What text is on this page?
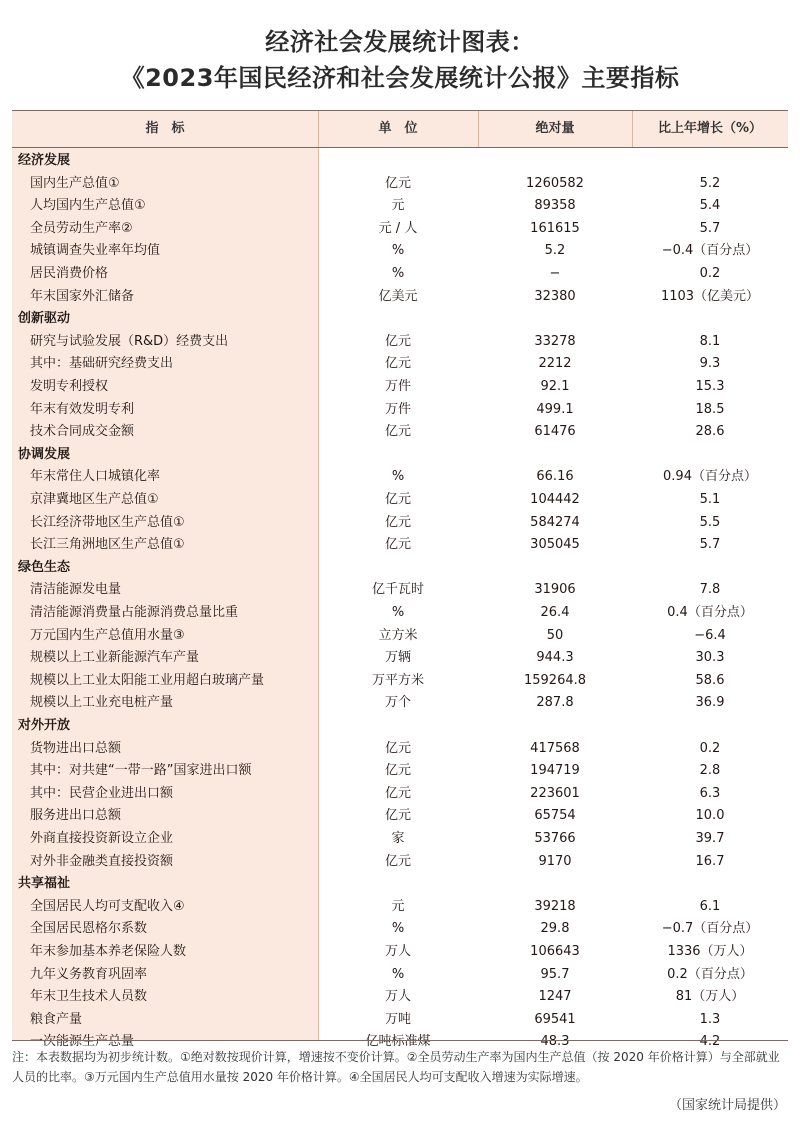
经济社会发展统计图表：
《2023年国民经济和社会发展统计公报》主要指标
指　标	单　位	绝对量	比上年增长（%）
经济发展
国内生产总值①	亿元	1260582	5.2
人均国内生产总值①	元	89358	5.4
全员劳动生产率②	元 / 人	161615	5.7
城镇调查失业率年均值	%	5.2	−0.4（百分点）
居民消费价格	%	−	0.2
年末国家外汇储备	亿美元	32380	1103（亿美元）
创新驱动
研究与试验发展（R&D）经费支出	亿元	33278	8.1
其中：基础研究经费支出	亿元	2212	9.3
发明专利授权	万件	92.1	15.3
年末有效发明专利	万件	499.1	18.5
技术合同成交金额	亿元	61476	28.6
协调发展
年末常住人口城镇化率	%	66.16	0.94（百分点）
京津冀地区生产总值①	亿元	104442	5.1
长江经济带地区生产总值①	亿元	584274	5.5
长江三角洲地区生产总值①	亿元	305045	5.7
绿色生态
清洁能源发电量	亿千瓦时	31906	7.8
清洁能源消费量占能源消费总量比重	%	26.4	0.4（百分点）
万元国内生产总值用水量③	立方米	50	−6.4
规模以上工业新能源汽车产量	万辆	944.3	30.3
规模以上工业太阳能工业用超白玻璃产量	万平方米	159264.8	58.6
规模以上工业充电桩产量	万个	287.8	36.9
对外开放
货物进出口总额	亿元	417568	0.2
其中：对共建“一带一路”国家进出口额	亿元	194719	2.8
其中：民营企业进出口额	亿元	223601	6.3
服务进出口总额	亿元	65754	10.0
外商直接投资新设立企业	家	53766	39.7
对外非金融类直接投资额	亿元	9170	16.7
共享福祉
全国居民人均可支配收入④	元	39218	6.1
全国居民恩格尔系数	%	29.8	−0.7（百分点）
年末参加基本养老保险人数	万人	106643	1336（万人）
九年义务教育巩固率	%	95.7	0.2（百分点）
年末卫生技术人员数	万人	1247	81（万人）
粮食产量	万吨	69541	1.3
一次能源生产总量	亿吨标准煤	48.3	4.2
注：本表数据均为初步统计数。①绝对数按现价计算，增速按不变价计算。②全员劳动生产率为国内生产总值（按 2020 年价格计算）与全部就业人员的比率。③万元国内生产总值用水量按 2020 年价格计算。④全国居民人均可支配收入增速为实际增速。
（国家统计局提供）
